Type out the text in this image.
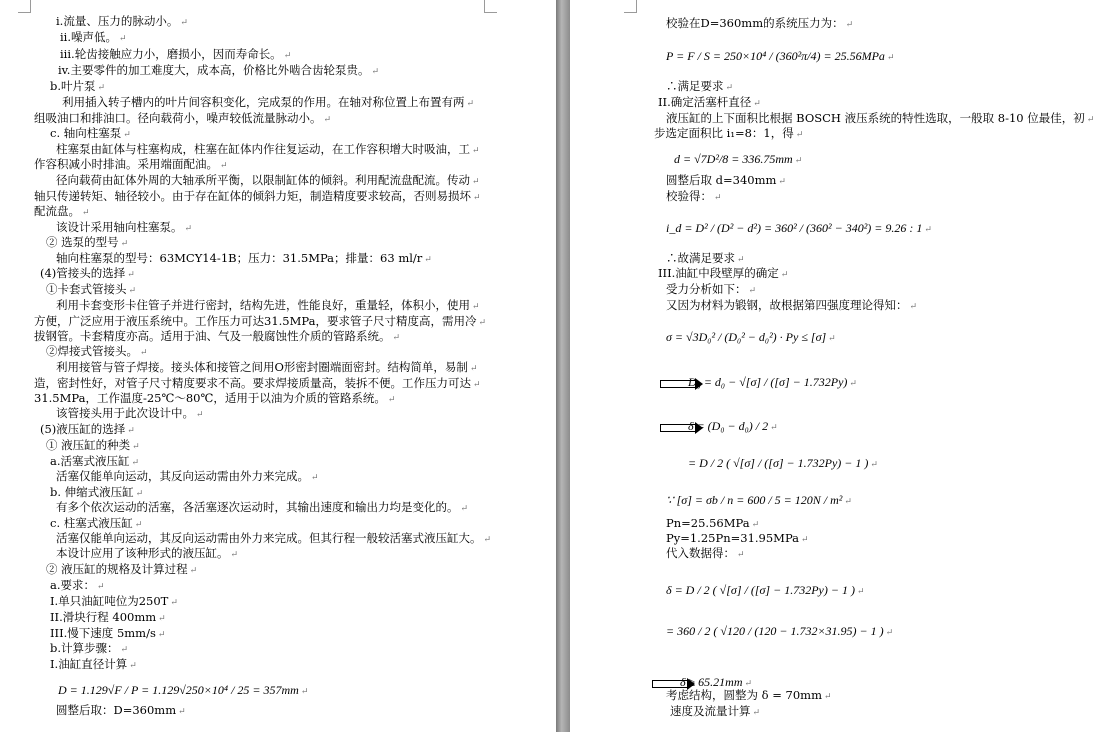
i.流量、压力的脉动小。 ↵
ii.噪声低。 ↵
iii.轮齿接触应力小，磨损小，因而寿命长。 ↵
iv.主要零件的加工难度大，成本高，价格比外啮合齿轮泵贵。 ↵
b.叶片泵 ↵
利用插入转子槽内的叶片间容积变化，完成泵的作用。在轴对称位置上布置有两 ↵
组吸油口和排油口。径向载荷小，噪声较低流量脉动小。 ↵
c. 轴向柱塞泵 ↵
柱塞泵由缸体与柱塞构成，柱塞在缸体内作往复运动，在工作容积增大时吸油，工 ↵
作容积减小时排油。采用端面配油。 ↵
径向载荷由缸体外周的大轴承所平衡，以限制缸体的倾斜。利用配流盘配流。传动 ↵
轴只传递转矩、轴径较小。由于存在缸体的倾斜力矩，制造精度要求较高，否则易损坏 ↵
配流盘。 ↵
该设计采用轴向柱塞泵。 ↵
② 选泵的型号 ↵
轴向柱塞泵的型号：63MCY14-1B；压力：31.5MPa；排量：63 ml/r ↵
(4)管接头的选择 ↵
①卡套式管接头 ↵
利用卡套变形卡住管子并进行密封，结构先进，性能良好，重量轻，体积小，使用 ↵
方便，广泛应用于液压系统中。工作压力可达31.5MPa，要求管子尺寸精度高，需用冷 ↵
拔钢管。卡套精度亦高。适用于油、气及一般腐蚀性介质的管路系统。 ↵
②焊接式管接头。 ↵
利用接管与管子焊接。接头体和接管之间用O形密封圈端面密封。结构简单，易制 ↵
造，密封性好，对管子尺寸精度要求不高。要求焊接质量高，装拆不便。工作压力可达 ↵
31.5MPa，工作温度-25℃～80℃，适用于以油为介质的管路系统。 ↵
该管接头用于此次设计中。 ↵
(5)液压缸的选择 ↵
① 液压缸的种类 ↵
a.活塞式液压缸 ↵
活塞仅能单向运动，其反向运动需由外力来完成。 ↵
b. 伸缩式液压缸 ↵
有多个依次运动的活塞，各活塞逐次运动时，其输出速度和输出力均是变化的。 ↵
c. 柱塞式液压缸 ↵
活塞仅能单向运动，其反向运动需由外力来完成。但其行程一般较活塞式液压缸大。 ↵
本设计应用了该种形式的液压缸。 ↵
② 液压缸的规格及计算过程 ↵
a.要求： ↵
I.单只油缸吨位为250T ↵
II.滑块行程 400mm ↵
III.慢下速度 5mm/s ↵
b.计算步骤： ↵
I.油缸直径计算 ↵
D = 1.129√F / P = 1.129√250×10⁴ / 25 = 357mm ↵
圆整后取：D=360mm ↵
校验在D=360mm的系统压力为： ↵
P = F / S = 250×10⁴ / (360²π/4) = 25.56MPa ↵
∴满足要求 ↵
II.确定活塞杆直径 ↵
液压缸的上下面积比根据 BOSCH 液压系统的特性选取，一般取 8-10 位最佳，初 ↵
步选定面积比 i₁=8：1，得 ↵
d = √7D²/8 = 336.75mm ↵
圆整后取 d=340mm ↵
校验得： ↵
i_d = D² / (D² − d²) = 360² / (360² − 340²) = 9.26 : 1 ↵
∴故满足要求 ↵
III.油缸中段壁厚的确定 ↵
受力分析如下： ↵
又因为材料为锻钢，故根据第四强度理论得知： ↵
σ = √3D₀² / (D₀² − d₀²) · Py ≤ [σ] ↵
D₀ = d₀ − √[σ] / ([σ] − 1.732Py) ↵
δ = (D₀ − d₀) / 2 ↵
= D / 2 ( √[σ] / ([σ] − 1.732Py) − 1 ) ↵
∵ [σ] = σb / n = 600 / 5 = 120N / m² ↵
Pn=25.56MPa ↵
Py=1.25Pn=31.95MPa ↵
代入数据得： ↵
δ = D / 2 ( √[σ] / ([σ] − 1.732Py) − 1 ) ↵
= 360 / 2 ( √120 / (120 − 1.732×31.95) − 1 ) ↵
δ ≥ 65.21mm ↵
考虑结构，圆整为 δ = 70mm ↵
速度及流量计算 ↵
